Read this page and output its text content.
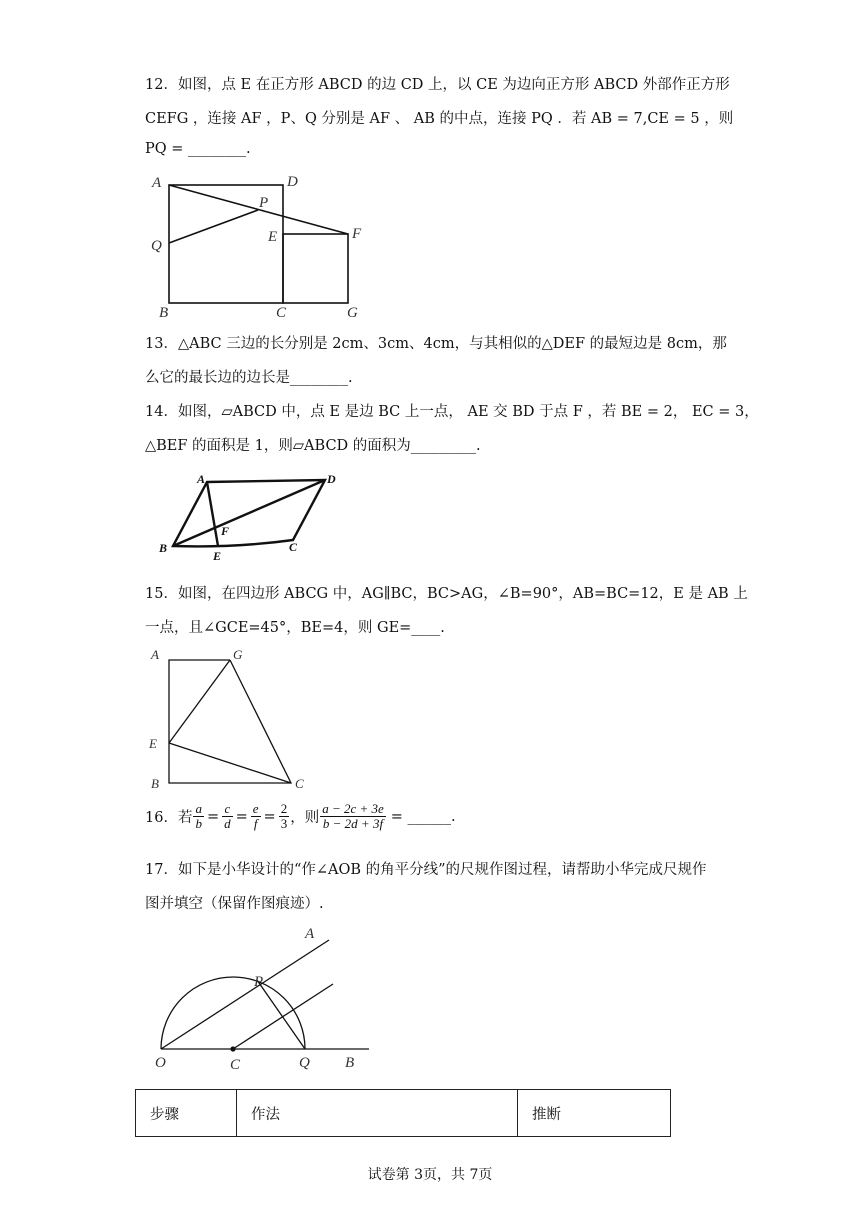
12．如图，点 E 在正方形 ABCD 的边 CD 上，以 CE 为边向正方形 ABCD 外部作正方形
CEFG ，连接 AF ，P、Q 分别是 AF 、 AB 的中点，连接 PQ ．若 AB = 7,CE = 5 ，则
PQ = ________.
A	D
P
Q
E	F
B	C	G
13．△ABC 三边的长分别是 2cm、3cm、4cm，与其相似的△DEF 的最短边是 8cm，那
么它的最长边的边长是________.
14．如图，▱ABCD 中，点 E 是边 BC 上一点， AE 交 BD 于点 F ，若 BE = 2， EC = 3，
△BEF 的面积是 1，则▱ABCD 的面积为_________.
A	D
F
B
E
C
15．如图，在四边形 ABCG 中，AG∥BC，BC>AG，∠B=90°，AB=BC=12，E 是 AB 上
一点，且∠GCE=45°，BE=4，则 GE=____.
A	G
E
B	C
16．若 $\frac{a}{b} = \frac{c}{d} = \frac{e}{f} = \frac{2}{3}$ ，则 $\frac{a - 2c + 3e}{b - 2d + 3f}$ = ______.
17．如下是小华设计的“作∠AOB 的角平分线”的尺规作图过程，请帮助小华完成尺规作
图并填空（保留作图痕迹）.
A
P
O	C	Q B
步骤	作法	推断
试卷第 3页，共 7页
